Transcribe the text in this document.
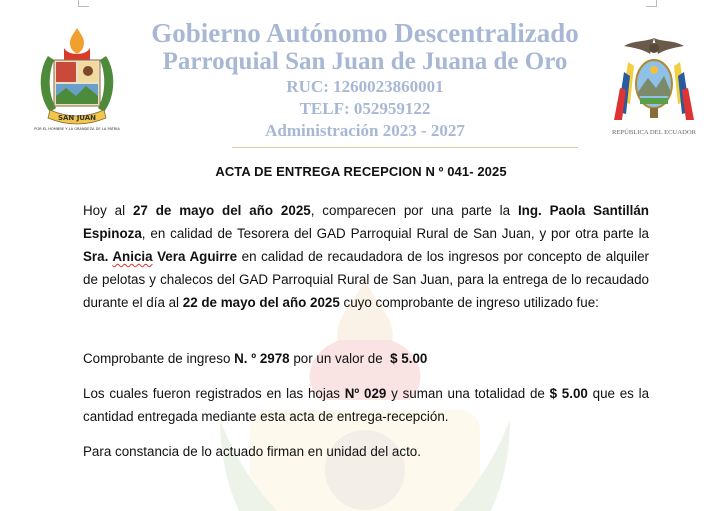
SAN JUAN
POR EL HOMBRE Y LA GRANDEZA DE LA PATRIA
Gobierno Autónomo Descentralizado
Parroquial San Juan de Juana de Oro
RUC: 1260023860001
TELF: 052959122
Administración 2023 - 2027	REPÚBLICA DEL ECUADOR
ACTA DE ENTREGA RECEPCION N º 041- 2025
Hoy al 27 de mayo del año 2025, comparecen por una parte la Ing. Paola Santillán Espinoza, en calidad de Tesorera del GAD Parroquial Rural de San Juan, y por otra parte la Sra. Anicia Vera Aguirre en calidad de recaudadora de los ingresos por concepto de alquiler de pelotas y chalecos del GAD Parroquial Rural de San Juan, para la entrega de lo recaudado durante el día al 22 de mayo del año 2025 cuyo comprobante de ingreso utilizado fue:
Comprobante de ingreso N. º 2978 por un valor de  $ 5.00
Los cuales fueron registrados en las hojas Nº 029 y suman una totalidad de $ 5.00 que es la cantidad entregada mediante esta acta de entrega-recepción.
Para constancia de lo actuado firman en unidad del acto.
